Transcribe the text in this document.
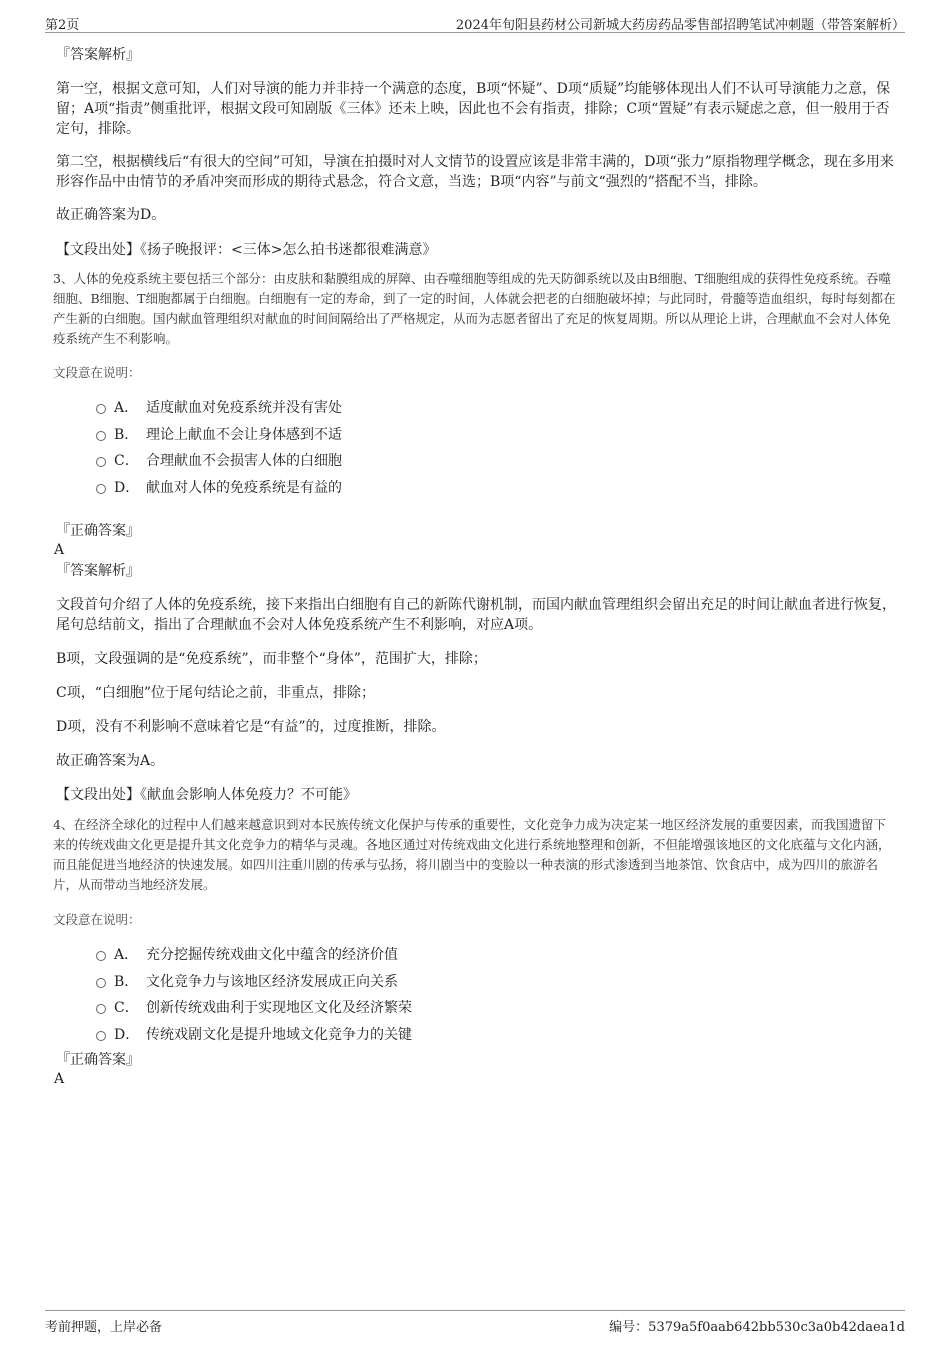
第2页	2024年旬阳县药材公司新城大药房药品零售部招聘笔试冲刺题（带答案解析）
『答案解析』

第一空，根据文意可知，人们对导演的能力并非持一个满意的态度，B项“怀疑”、D项“质疑”均能够体现出人们不认可导演能力之意，保留；A项“指责”侧重批评，根据文段可知剧版《三体》还未上映，因此也不会有指责，排除；C项“置疑”有表示疑虑之意，但一般用于否定句，排除。

第二空，根据横线后“有很大的空间”可知，导演在拍摄时对人文情节的设置应该是非常丰满的，D项“张力”原指物理学概念，现在多用来形容作品中由情节的矛盾冲突而形成的期待式悬念，符合文意，当选；B项“内容”与前文“强烈的”搭配不当，排除。

故正确答案为D。

【文段出处】《扬子晚报评：<三体>怎么拍书迷都很难满意》

3、人体的免疫系统主要包括三个部分：由皮肤和黏膜组成的屏障、由吞噬细胞等组成的先天防御系统以及由B细胞、T细胞组成的获得性免疫系统。吞噬细胞、B细胞、T细胞都属于白细胞。白细胞有一定的寿命，到了一定的时间，人体就会把老的白细胞破坏掉；与此同时，骨髓等造血组织，每时每刻都在产生新的白细胞。国内献血管理组织对献血的时间间隔给出了严格规定，从而为志愿者留出了充足的恢复周期。所以从理论上讲，合理献血不会对人体免疫系统产生不利影响。

文段意在说明：
A． 适度献血对免疫系统并没有害处
B． 理论上献血不会让身体感到不适
C． 合理献血不会损害人体的白细胞
D． 献血对人体的免疫系统是有益的
『正确答案』
A
『答案解析』

文段首句介绍了人体的免疫系统，接下来指出白细胞有自己的新陈代谢机制，而国内献血管理组织会留出充足的时间让献血者进行恢复，尾句总结前文，指出了合理献血不会对人体免疫系统产生不利影响，对应A项。

B项，文段强调的是“免疫系统”，而非整个“身体”，范围扩大，排除；

C项，“白细胞”位于尾句结论之前，非重点，排除；

D项，没有不利影响不意味着它是“有益”的，过度推断，排除。

故正确答案为A。

【文段出处】《献血会影响人体免疫力？不可能》

4、在经济全球化的过程中人们越来越意识到对本民族传统文化保护与传承的重要性，文化竞争力成为决定某一地区经济发展的重要因素，而我国遗留下来的传统戏曲文化更是提升其文化竞争力的精华与灵魂。各地区通过对传统戏曲文化进行系统地整理和创新，不但能增强该地区的文化底蕴与文化内涵，而且能促进当地经济的快速发展。如四川注重川剧的传承与弘扬，将川剧当中的变脸以一种表演的形式渗透到当地茶馆、饮食店中，成为四川的旅游名片，从而带动当地经济发展。

文段意在说明：
A． 充分挖掘传统戏曲文化中蕴含的经济价值
B． 文化竞争力与该地区经济发展成正向关系
C． 创新传统戏曲利于实现地区文化及经济繁荣
D． 传统戏剧文化是提升地域文化竞争力的关键
『正确答案』
A
考前押题，上岸必备	编号：5379a5f0aab642bb530c3a0b42daea1d
